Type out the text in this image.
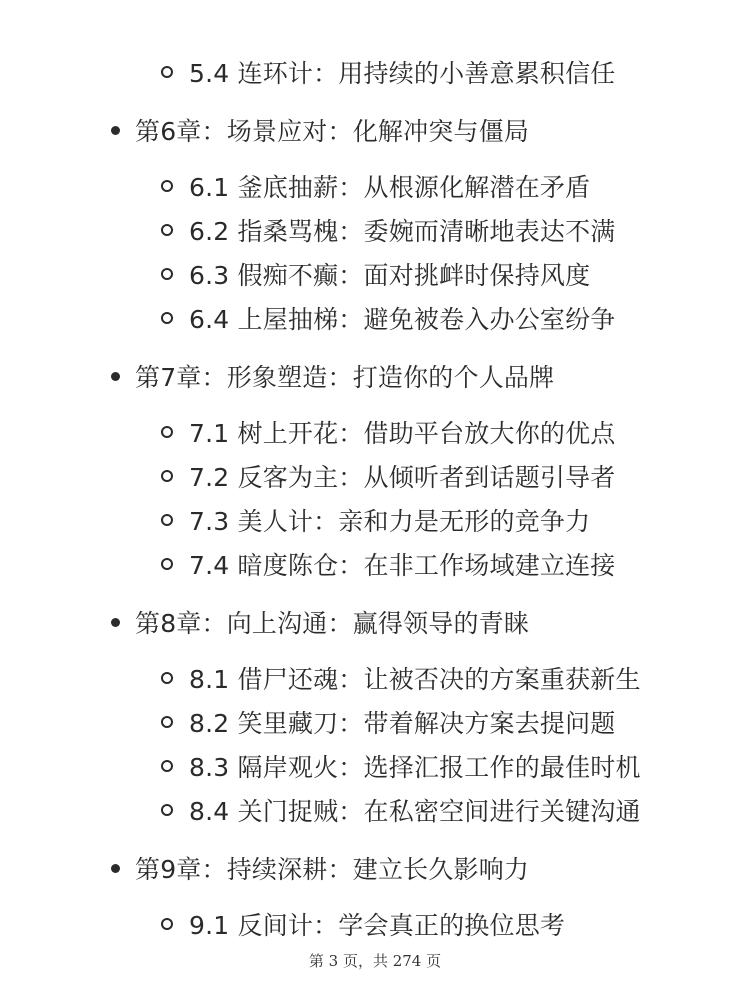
5.4 连环计：用持续的小善意累积信任
第6章：场景应对：化解冲突与僵局
6.1 釜底抽薪：从根源化解潜在矛盾
6.2 指桑骂槐：委婉而清晰地表达不满
6.3 假痴不癫：面对挑衅时保持风度
6.4 上屋抽梯：避免被卷入办公室纷争
第7章：形象塑造：打造你的个人品牌
7.1 树上开花：借助平台放大你的优点
7.2 反客为主：从倾听者到话题引导者
7.3 美人计：亲和力是无形的竞争力
7.4 暗度陈仓：在非工作场域建立连接
第8章：向上沟通：赢得领导的青睐
8.1 借尸还魂：让被否决的方案重获新生
8.2 笑里藏刀：带着解决方案去提问题
8.3 隔岸观火：选择汇报工作的最佳时机
8.4 关门捉贼：在私密空间进行关键沟通
第9章：持续深耕：建立长久影响力
9.1 反间计：学会真正的换位思考
第 3 页，共 274 页
